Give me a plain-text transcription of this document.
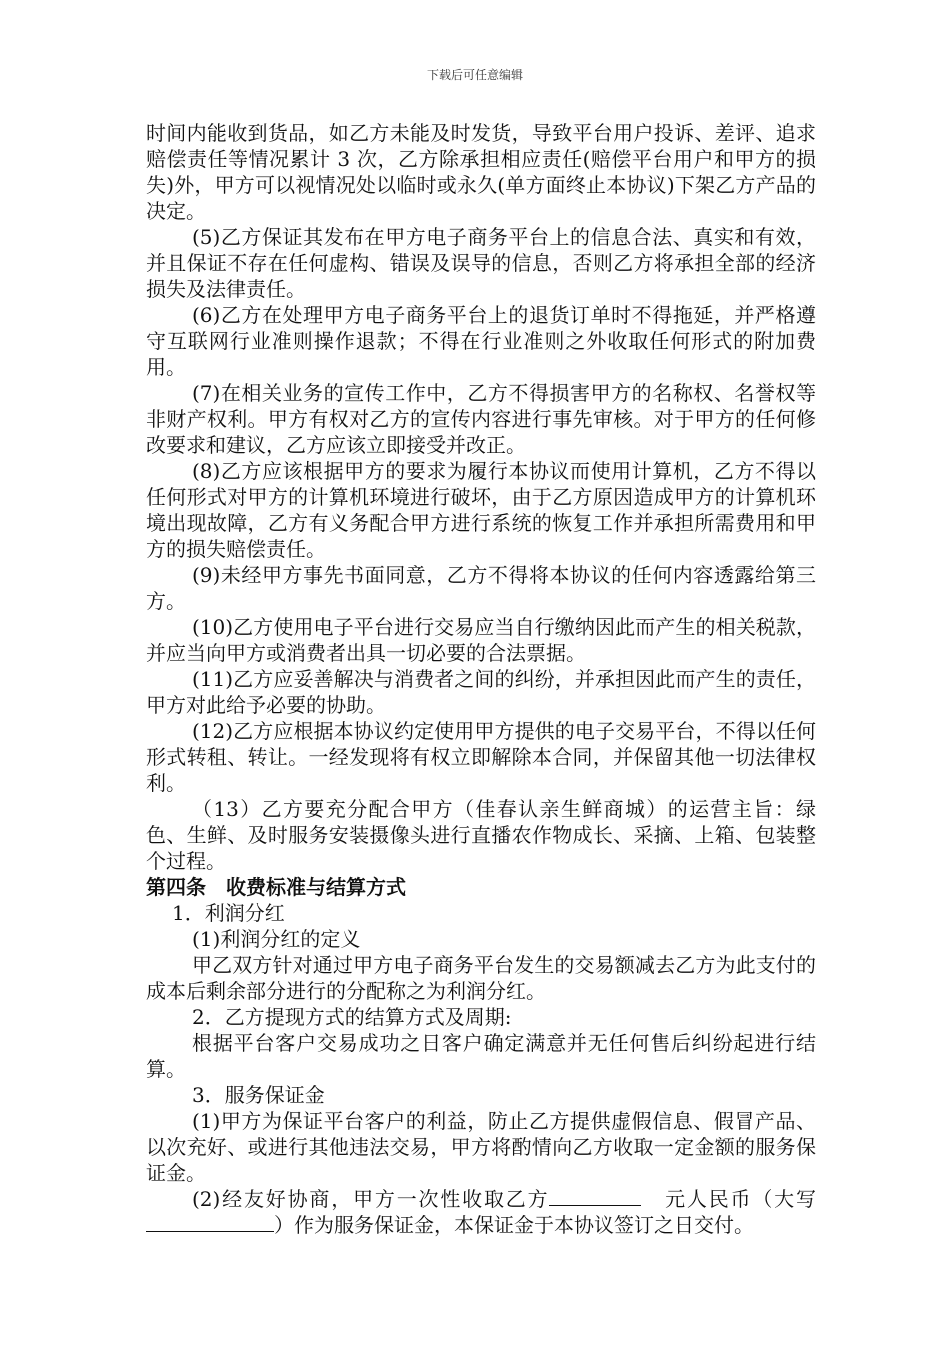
下载后可任意编辑

时间内能收到货品，如乙方未能及时发货，导致平台用户投诉、差评、追求赔偿责任等情况累计 3 次，乙方除承担相应责任(赔偿平台用户和甲方的损失)外，甲方可以视情况处以临时或永久(单方面终止本协议)下架乙方产品的决定。

(5)乙方保证其发布在甲方电子商务平台上的信息合法、真实和有效，并且保证不存在任何虚构、错误及误导的信息，否则乙方将承担全部的经济损失及法律责任。

(6)乙方在处理甲方电子商务平台上的退货订单时不得拖延，并严格遵守互联网行业准则操作退款；不得在行业准则之外收取任何形式的附加费用。

(7)在相关业务的宣传工作中，乙方不得损害甲方的名称权、名誉权等非财产权利。甲方有权对乙方的宣传内容进行事先审核。对于甲方的任何修改要求和建议，乙方应该立即接受并改正。

(8)乙方应该根据甲方的要求为履行本协议而使用计算机，乙方不得以任何形式对甲方的计算机环境进行破坏，由于乙方原因造成甲方的计算机环境出现故障，乙方有义务配合甲方进行系统的恢复工作并承担所需费用和甲方的损失赔偿责任。

(9)未经甲方事先书面同意，乙方不得将本协议的任何内容透露给第三方。

(10)乙方使用电子平台进行交易应当自行缴纳因此而产生的相关税款，并应当向甲方或消费者出具一切必要的合法票据。

(11)乙方应妥善解决与消费者之间的纠纷，并承担因此而产生的责任，甲方对此给予必要的协助。

(12)乙方应根据本协议约定使用甲方提供的电子交易平台，不得以任何形式转租、转让。一经发现将有权立即解除本合同，并保留其他一切法律权利。

（13）乙方要充分配合甲方（佳春认亲生鲜商城）的运营主旨：绿色、生鲜、及时服务安装摄像头进行直播农作物成长、采摘、上箱、包装整个过程。

第四条　收费标准与结算方式

1．利润分红

(1)利润分红的定义

甲乙双方针对通过甲方电子商务平台发生的交易额减去乙方为此支付的成本后剩余部分进行的分配称之为利润分红。

2．乙方提现方式的结算方式及周期:

根据平台客户交易成功之日客户确定满意并无任何售后纠纷起进行结算。

3．服务保证金

(1)甲方为保证平台客户的利益，防止乙方提供虚假信息、假冒产品、以次充好、或进行其他违法交易，甲方将酌情向乙方收取一定金额的服务保证金。

(2)经友好协商，甲方一次性收取乙方　	元人民币（大写　）作为服务保证金，本保证金于本协议签订之日交付。
